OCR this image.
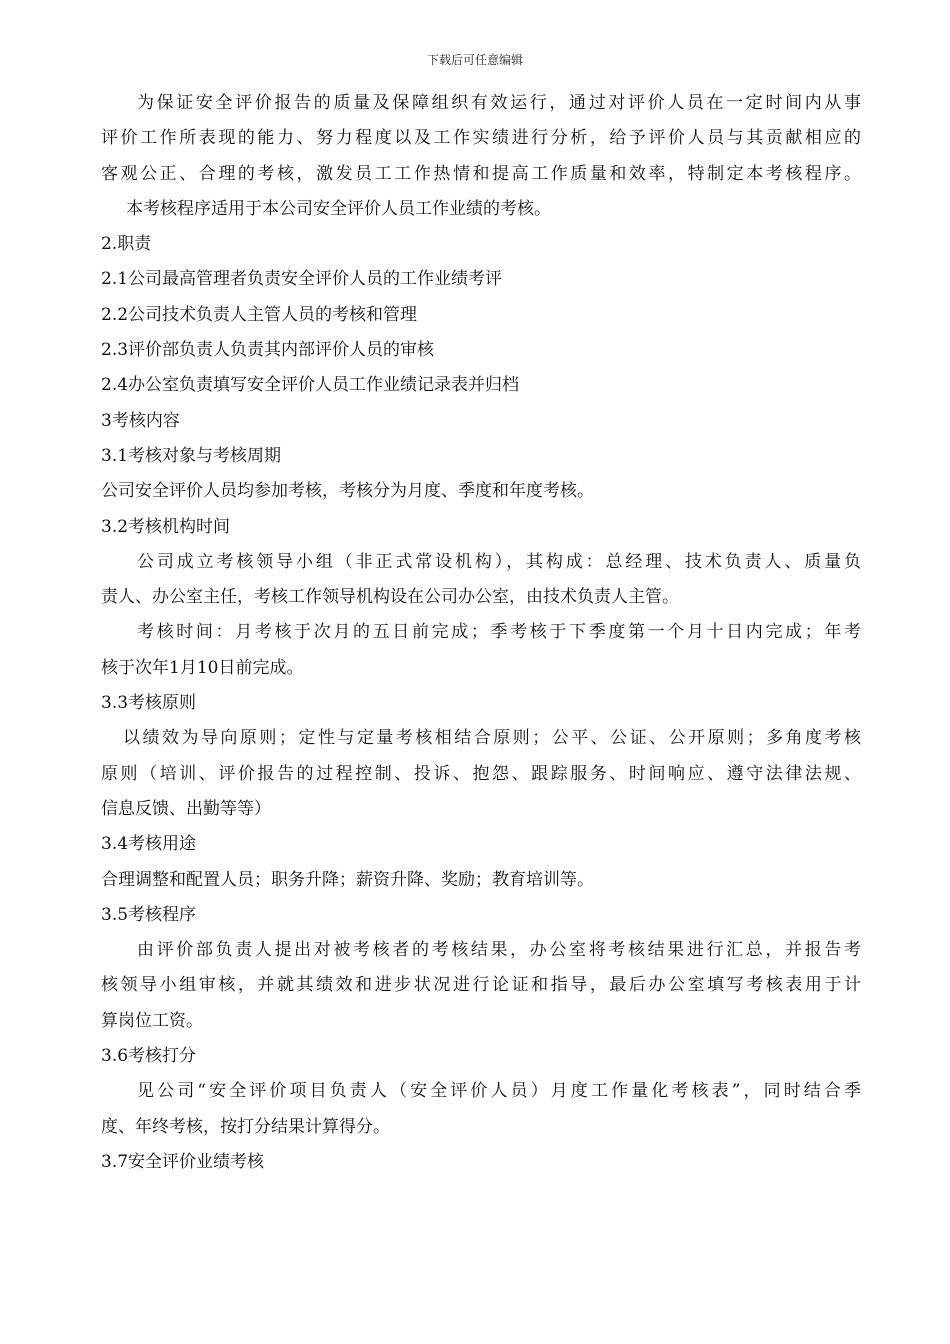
下载后可任意编辑
为保证安全评价报告的质量及保障组织有效运行，通过对评价人员在一定时间内从事
评价工作所表现的能力、努力程度以及工作实绩进行分析，给予评价人员与其贡献相应的
客观公正、合理的考核，激发员工工作热情和提高工作质量和效率，特制定本考核程序。
本考核程序适用于本公司安全评价人员工作业绩的考核。
2.职责
2.1公司最高管理者负责安全评价人员的工作业绩考评
2.2公司技术负责人主管人员的考核和管理
2.3评价部负责人负责其内部评价人员的审核
2.4办公室负责填写安全评价人员工作业绩记录表并归档
3考核内容
3.1考核对象与考核周期
公司安全评价人员均参加考核，考核分为月度、季度和年度考核。
3.2考核机构时间
公司成立考核领导小组（非正式常设机构），其构成：总经理、技术负责人、质量负
责人、办公室主任，考核工作领导机构设在公司办公室，由技术负责人主管。
考核时间：月考核于次月的五日前完成；季考核于下季度第一个月十日内完成；年考
核于次年1月10日前完成。
3.3考核原则
以绩效为导向原则；定性与定量考核相结合原则；公平、公证、公开原则；多角度考核
原则（培训、评价报告的过程控制、投诉、抱怨、跟踪服务、时间响应、遵守法律法规、
信息反馈、出勤等等）
3.4考核用途
合理调整和配置人员；职务升降；薪资升降、奖励；教育培训等。
3.5考核程序
由评价部负责人提出对被考核者的考核结果，办公室将考核结果进行汇总，并报告考
核领导小组审核，并就其绩效和进步状况进行论证和指导，最后办公室填写考核表用于计
算岗位工资。
3.6考核打分
见公司“安全评价项目负责人（安全评价人员）月度工作量化考核表”，同时结合季
度、年终考核，按打分结果计算得分。
3.7安全评价业绩考核
